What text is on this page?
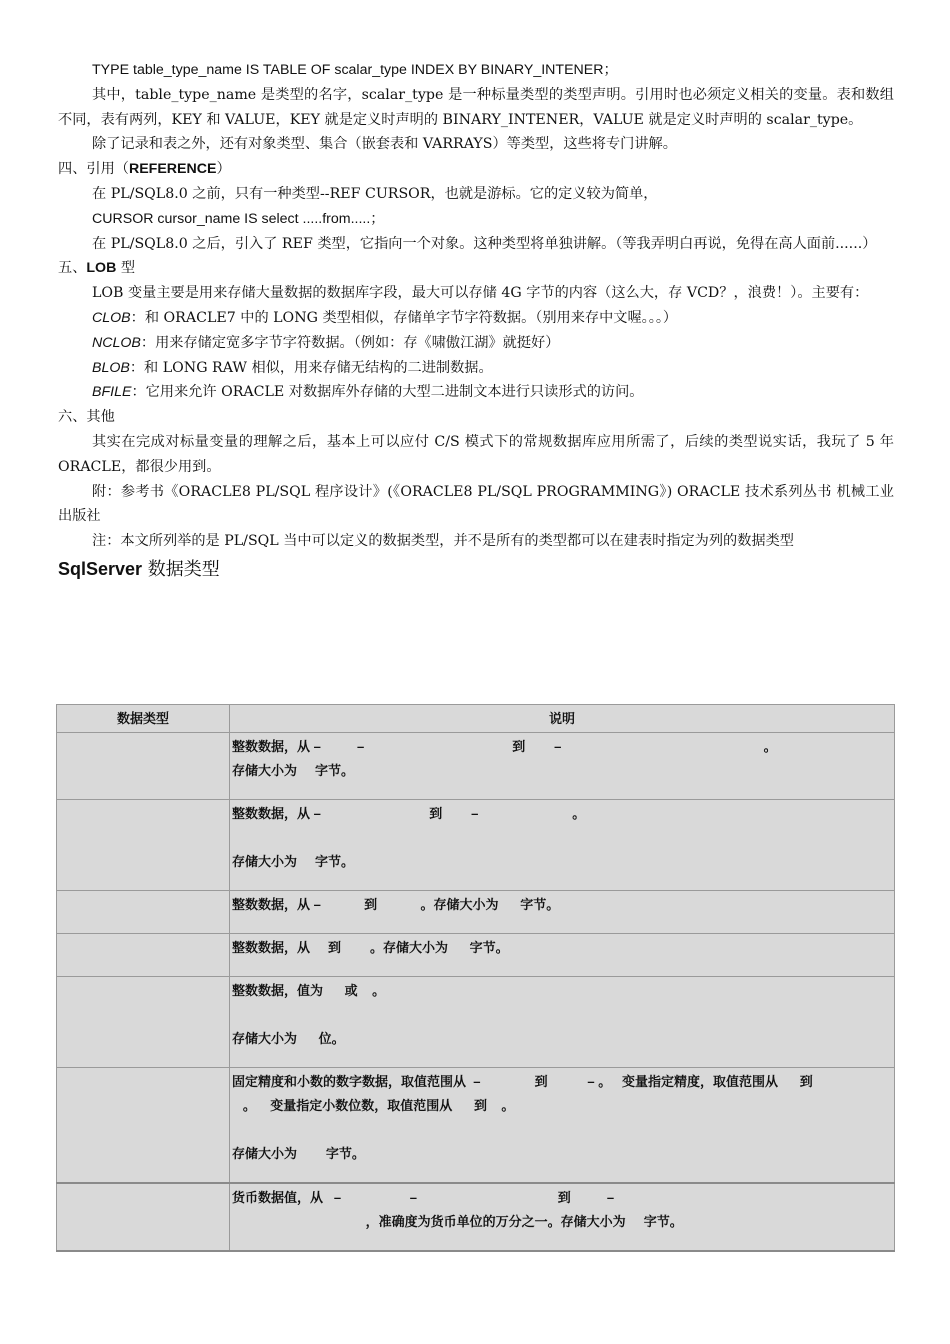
TYPE table_type_name IS TABLE OF scalar_type INDEX BY BINARY_INTENER；

其中，table_type_name 是类型的名字，scalar_type 是一种标量类型的类型声明。引用时也必须定义相关的变量。表和数组不同，表有两列，KEY 和 VALUE，KEY 就是定义时声明的 BINARY_INTENER，VALUE 就是定义时声明的 scalar_type。

除了记录和表之外，还有对象类型、集合（嵌套表和 VARRAYS）等类型，这些将专门讲解。

四、引用（REFERENCE）

在 PL/SQL8.0 之前，只有一种类型--REF CURSOR，也就是游标。它的定义较为简单，

CURSOR cursor_name IS select .....from.....；

在 PL/SQL8.0 之后，引入了 REF 类型，它指向一个对象。这种类型将单独讲解。（等我弄明白再说，免得在高人面前......）

五、LOB 型

LOB 变量主要是用来存储大量数据的数据库字段，最大可以存储 4G 字节的内容（这么大，存 VCD？，浪费！）。主要有：

CLOB：和 ORACLE7 中的 LONG 类型相似，存储单字节字符数据。（别用来存中文喔。。。）

NCLOB：用来存储定宽多字节字符数据。（例如：存《啸傲江湖》就挺好）

BLOB：和 LONG RAW 相似，用来存储无结构的二进制数据。

BFILE：它用来允许 ORACLE 对数据库外存储的大型二进制文本进行只读形式的访问。

六、其他

其实在完成对标量变量的理解之后，基本上可以应付 C/S 模式下的常规数据库应用所需了，后续的类型说实话，我玩了 5 年 ORACLE，都很少用到。

附：参考书《ORACLE8 PL/SQL 程序设计》(《ORACLE8 PL/SQL PROGRAMMING》) ORACLE 技术系列丛书 机械工业出版社

注：本文所列举的是 PL/SQL 当中可以定义的数据类型，并不是所有的类型都可以在建表时指定为列的数据类型

SqlServer 数据类型

数据类型	说明
	整数数据，从 –          –                                         到        –                                                        。
存储大小为     字节。
	整数数据，从 –                              到        –                          。

存储大小为     字节。
	整数数据，从 –            到            。存储大小为      字节。
	整数数据，从     到        。存储大小为      字节。
	整数数据，值为      或    。

存储大小为      位。
	固定精度和小数的数字数据，取值范围从  –               到           – 。   变量指定精度，取值范围从      到
。    变量指定小数位数，取值范围从      到    。

存储大小为        字节。
	货币数据值，从   –                   –                                       到          –
，准确度为货币单位的万分之一。存储大小为     字节。
